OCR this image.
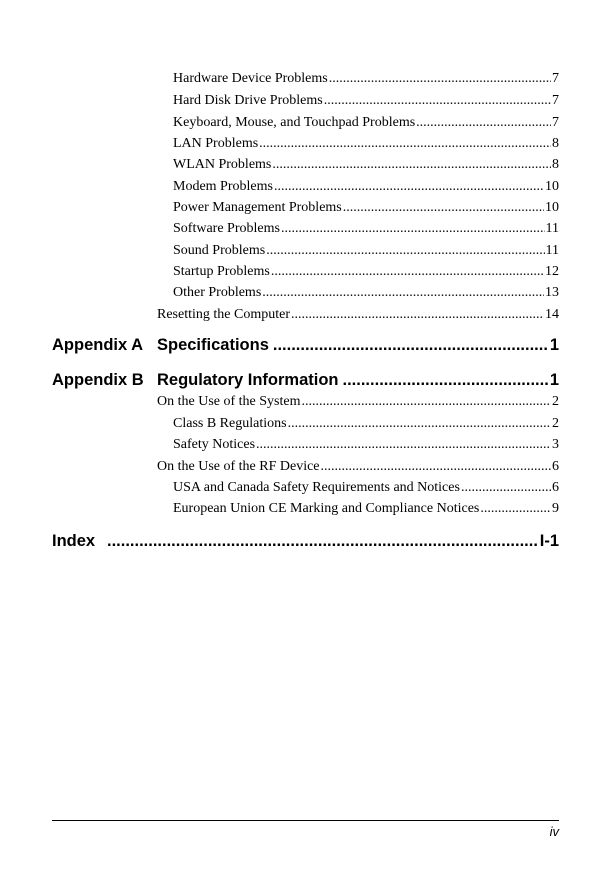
Hardware Device Problems .....	7
Hard Disk Drive Problems .....	7
Keyboard, Mouse, and Touchpad Problems .....	7
LAN Problems .....	8
WLAN Problems .....	8
Modem Problems .....	10
Power Management Problems .....	10
Software Problems .....	11
Sound Problems .....	11
Startup Problems .....	12
Other Problems .....	13
Resetting the Computer .....	14
Appendix A Specifications .....	1
Appendix B Regulatory Information .....	1
On the Use of the System .....	2
Class B Regulations .....	2
Safety Notices .....	3
On the Use of the RF Device .....	6
USA and Canada Safety Requirements and Notices .....	6
European Union CE Marking and Compliance Notices .....	9
Index .....	I-1
iv
